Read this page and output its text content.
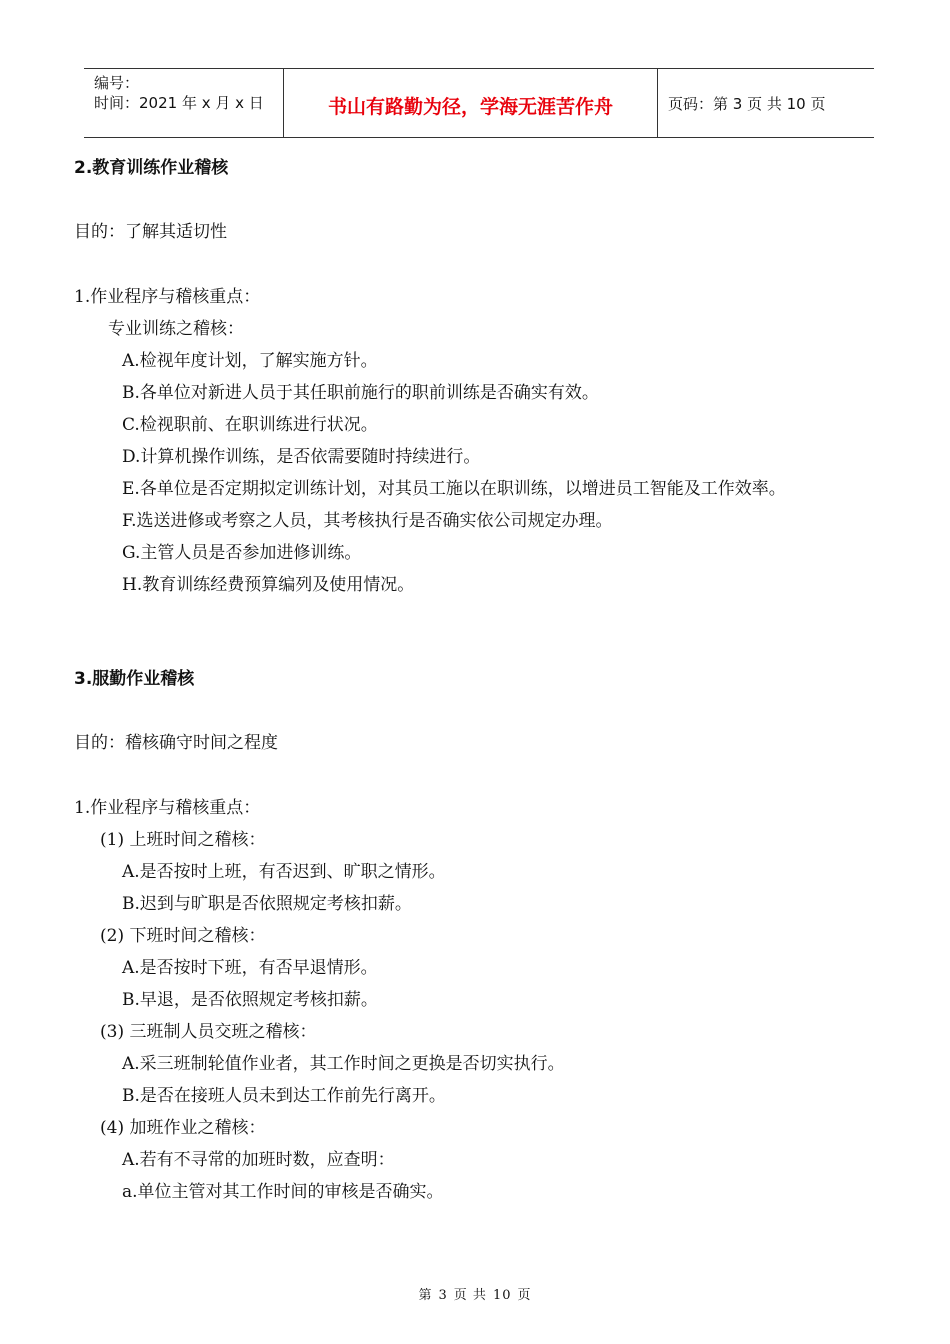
编号：
时间：2021 年 x 月 x 日	书山有路勤为径，学海无涯苦作舟	页码：第 3 页 共 10 页
2.教育训练作业稽核
目的：了解其适切性
1.作业程序与稽核重点：
专业训练之稽核：
A.检视年度计划，了解实施方针。
B.各单位对新进人员于其任职前施行的职前训练是否确实有效。
C.检视职前、在职训练进行状况。
D.计算机操作训练，是否依需要随时持续进行。
E.各单位是否定期拟定训练计划，对其员工施以在职训练，以增进员工智能及工作效率。
F.选送进修或考察之人员，其考核执行是否确实依公司规定办理。
G.主管人员是否参加进修训练。
H.教育训练经费预算编列及使用情况。
3.服勤作业稽核
目的：稽核确守时间之程度
1.作业程序与稽核重点：
(1) 上班时间之稽核：
A.是否按时上班，有否迟到、旷职之情形。
B.迟到与旷职是否依照规定考核扣薪。
(2) 下班时间之稽核：
A.是否按时下班，有否早退情形。
B.早退，是否依照规定考核扣薪。
(3) 三班制人员交班之稽核：
A.采三班制轮值作业者，其工作时间之更换是否切实执行。
B.是否在接班人员未到达工作前先行离开。
(4) 加班作业之稽核：
A.若有不寻常的加班时数，应查明：
a.单位主管对其工作时间的审核是否确实。
第 3 页 共 10 页
